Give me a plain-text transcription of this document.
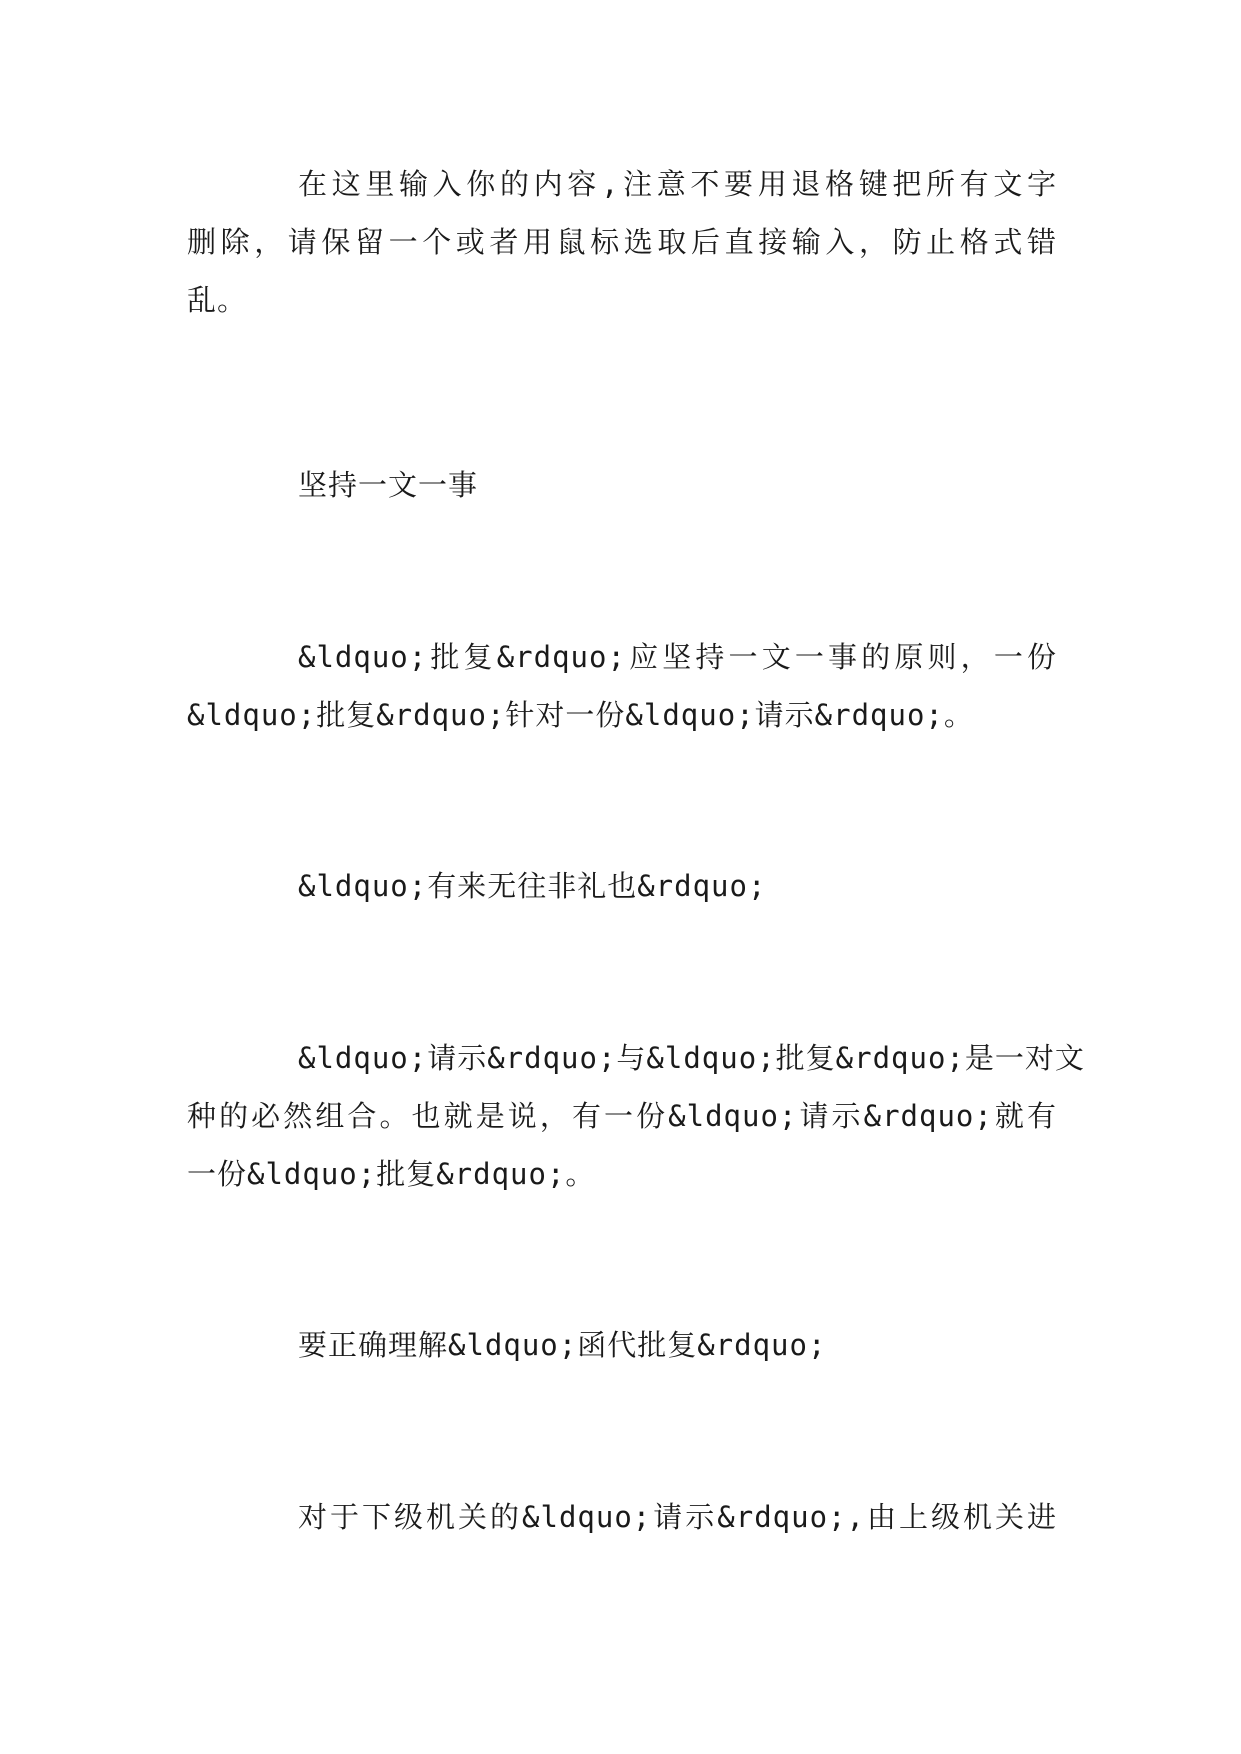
在这里输入你的内容,注意不要用退格键把所有文字
删除，请保留一个或者用鼠标选取后直接输入，防止格式错
乱。
坚持一文一事
&ldquo;批复&rdquo;应坚持一文一事的原则，一份
&ldquo;批复&rdquo;针对一份&ldquo;请示&rdquo;。
&ldquo;有来无往非礼也&rdquo;
&ldquo;请示&rdquo;与&ldquo;批复&rdquo;是一对文
种的必然组合。也就是说，有一份&ldquo;请示&rdquo;就有
一份&ldquo;批复&rdquo;。
要正确理解&ldquo;函代批复&rdquo;
对于下级机关的&ldquo;请示&rdquo;,由上级机关进
